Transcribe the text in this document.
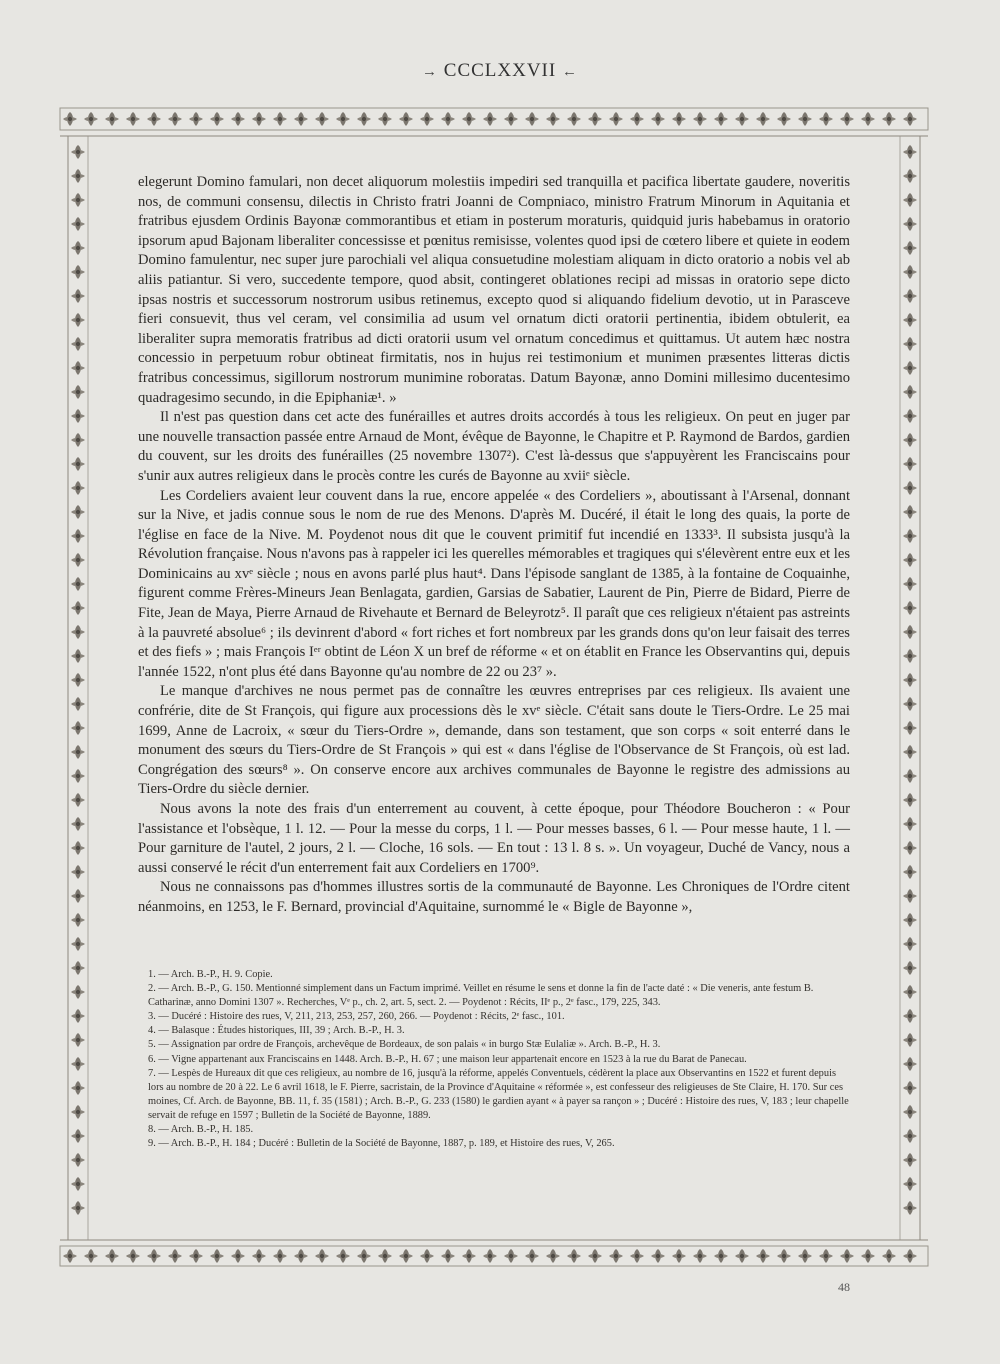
→ CCCLXXVII ←

elegerunt Domino famulari, non decet aliquorum molestiis impediri sed tranquilla et pacifica libertate gaudere, noveritis nos, de communi consensu, dilectis in Christo fratri Joanni de Compniaco, ministro Fratrum Minorum in Aquitania et fratribus ejusdem Ordinis Bayonæ commorantibus et etiam in posterum moraturis, quidquid juris habebamus in oratorio ipsorum apud Bajonam liberaliter concessisse et pœnitus remisisse, volentes quod ipsi de cœtero libere et quiete in eodem Domino famulentur, nec super jure parochiali vel aliqua consuetudine molestiam aliquam in dicto oratorio a nobis vel ab aliis patiantur. Si vero, succedente tempore, quod absit, contingeret oblationes recipi ad missas in oratorio sepe dicto ipsas nostris et successorum nostrorum usibus retinemus, excepto quod si aliquando fidelium devotio, ut in Parasceve fieri consuevit, thus vel ceram, vel consimilia ad usum vel ornatum dicti oratorii pertinentia, ibidem obtulerit, ea liberaliter supra memoratis fratribus ad dicti oratorii usum vel ornatum concedimus et quittamus. Ut autem hæc nostra concessio in perpetuum robur obtineat firmitatis, nos in hujus rei testimonium et munimen præsentes litteras dictis fratribus concessimus, sigillorum nostrorum munimine roboratas. Datum Bayonæ, anno Domini millesimo ducentesimo quadragesimo secundo, in die Epiphaniæ¹. »

Il n'est pas question dans cet acte des funérailles et autres droits accordés à tous les religieux. On peut en juger par une nouvelle transaction passée entre Arnaud de Mont, évêque de Bayonne, le Chapitre et P. Raymond de Bardos, gardien du couvent, sur les droits des funérailles (25 novembre 1307²). C'est là-dessus que s'appuyèrent les Franciscains pour s'unir aux autres religieux dans le procès contre les curés de Bayonne au xviiᵉ siècle.

Les Cordeliers avaient leur couvent dans la rue, encore appelée « des Cordeliers », aboutissant à l'Arsenal, donnant sur la Nive, et jadis connue sous le nom de rue des Menons. D'après M. Ducéré, il était le long des quais, la porte de l'église en face de la Nive. M. Poydenot nous dit que le couvent primitif fut incendié en 1333³. Il subsista jusqu'à la Révolution française. Nous n'avons pas à rappeler ici les querelles mémorables et tragiques qui s'élevèrent entre eux et les Dominicains au xvᵉ siècle ; nous en avons parlé plus haut⁴. Dans l'épisode sanglant de 1385, à la fontaine de Coquainhe, figurent comme Frères-Mineurs Jean Benlagata, gardien, Garsias de Sabatier, Laurent de Pin, Pierre de Bidard, Pierre de Fite, Jean de Maya, Pierre Arnaud de Rivehaute et Bernard de Beleyrotz⁵. Il paraît que ces religieux n'étaient pas astreints à la pauvreté absolue⁶ ; ils devinrent d'abord « fort riches et fort nombreux par les grands dons qu'on leur faisait des terres et des fiefs » ; mais François Iᵉʳ obtint de Léon X un bref de réforme « et on établit en France les Observantins qui, depuis l'année 1522, n'ont plus été dans Bayonne qu'au nombre de 22 ou 23⁷ ».

Le manque d'archives ne nous permet pas de connaître les œuvres entreprises par ces religieux. Ils avaient une confrérie, dite de St François, qui figure aux processions dès le xvᵉ siècle. C'était sans doute le Tiers-Ordre. Le 25 mai 1699, Anne de Lacroix, « sœur du Tiers-Ordre », demande, dans son testament, que son corps « soit enterré dans le monument des sœurs du Tiers-Ordre de St François » qui est « dans l'église de l'Observance de St François, où est lad. Congrégation des sœurs⁸ ». On conserve encore aux archives communales de Bayonne le registre des admissions au Tiers-Ordre du siècle dernier.

Nous avons la note des frais d'un enterrement au couvent, à cette époque, pour Théodore Boucheron : « Pour l'assistance et l'obsèque, 1 l. 12. — Pour la messe du corps, 1 l. — Pour messes basses, 6 l. — Pour messe haute, 1 l. — Pour garniture de l'autel, 2 jours, 2 l. — Cloche, 16 sols. — En tout : 13 l. 8 s. ». Un voyageur, Duché de Vancy, nous a aussi conservé le récit d'un enterrement fait aux Cordeliers en 1700⁹.

Nous ne connaissons pas d'hommes illustres sortis de la communauté de Bayonne. Les Chroniques de l'Ordre citent néanmoins, en 1253, le F. Bernard, provincial d'Aquitaine, surnommé le « Bigle de Bayonne »,

1. — Arch. B.-P., H. 9. Copie.

2. — Arch. B.-P., G. 150. Mentionné simplement dans un Factum imprimé. Veillet en résume le sens et donne la fin de l'acte daté : « Die veneris, ante festum B. Catharinæ, anno Domini 1307 ». Recherches, Vᵉ p., ch. 2, art. 5, sect. 2. — Poydenot : Récits, IIᵉ p., 2ᵉ fasc., 179, 225, 343.

3. — Ducéré : Histoire des rues, V, 211, 213, 253, 257, 260, 266. — Poydenot : Récits, 2ᵉ fasc., 101.

4. — Balasque : Études historiques, III, 39 ; Arch. B.-P., H. 3.

5. — Assignation par ordre de François, archevêque de Bordeaux, de son palais « in burgo Stæ Eulaliæ ». Arch. B.-P., H. 3.

6. — Vigne appartenant aux Franciscains en 1448. Arch. B.-P., H. 67 ; une maison leur appartenait encore en 1523 à la rue du Barat de Panecau.

7. — Lespès de Hureaux dit que ces religieux, au nombre de 16, jusqu'à la réforme, appelés Conventuels, cédèrent la place aux Observantins en 1522 et furent depuis lors au nombre de 20 à 22. Le 6 avril 1618, le F. Pierre, sacristain, de la Province d'Aquitaine « réformée », est confesseur des religieuses de Ste Claire, H. 170. Sur ces moines, Cf. Arch. de Bayonne, BB. 11, f. 35 (1581) ; Arch. B.-P., G. 233 (1580) le gardien ayant « à payer sa rançon » ; Ducéré : Histoire des rues, V, 183 ; leur chapelle servait de refuge en 1597 ; Bulletin de la Société de Bayonne, 1889.

8. — Arch. B.-P., H. 185.

9. — Arch. B.-P., H. 184 ; Ducéré : Bulletin de la Société de Bayonne, 1887, p. 189, et Histoire des rues, V, 265.

48
